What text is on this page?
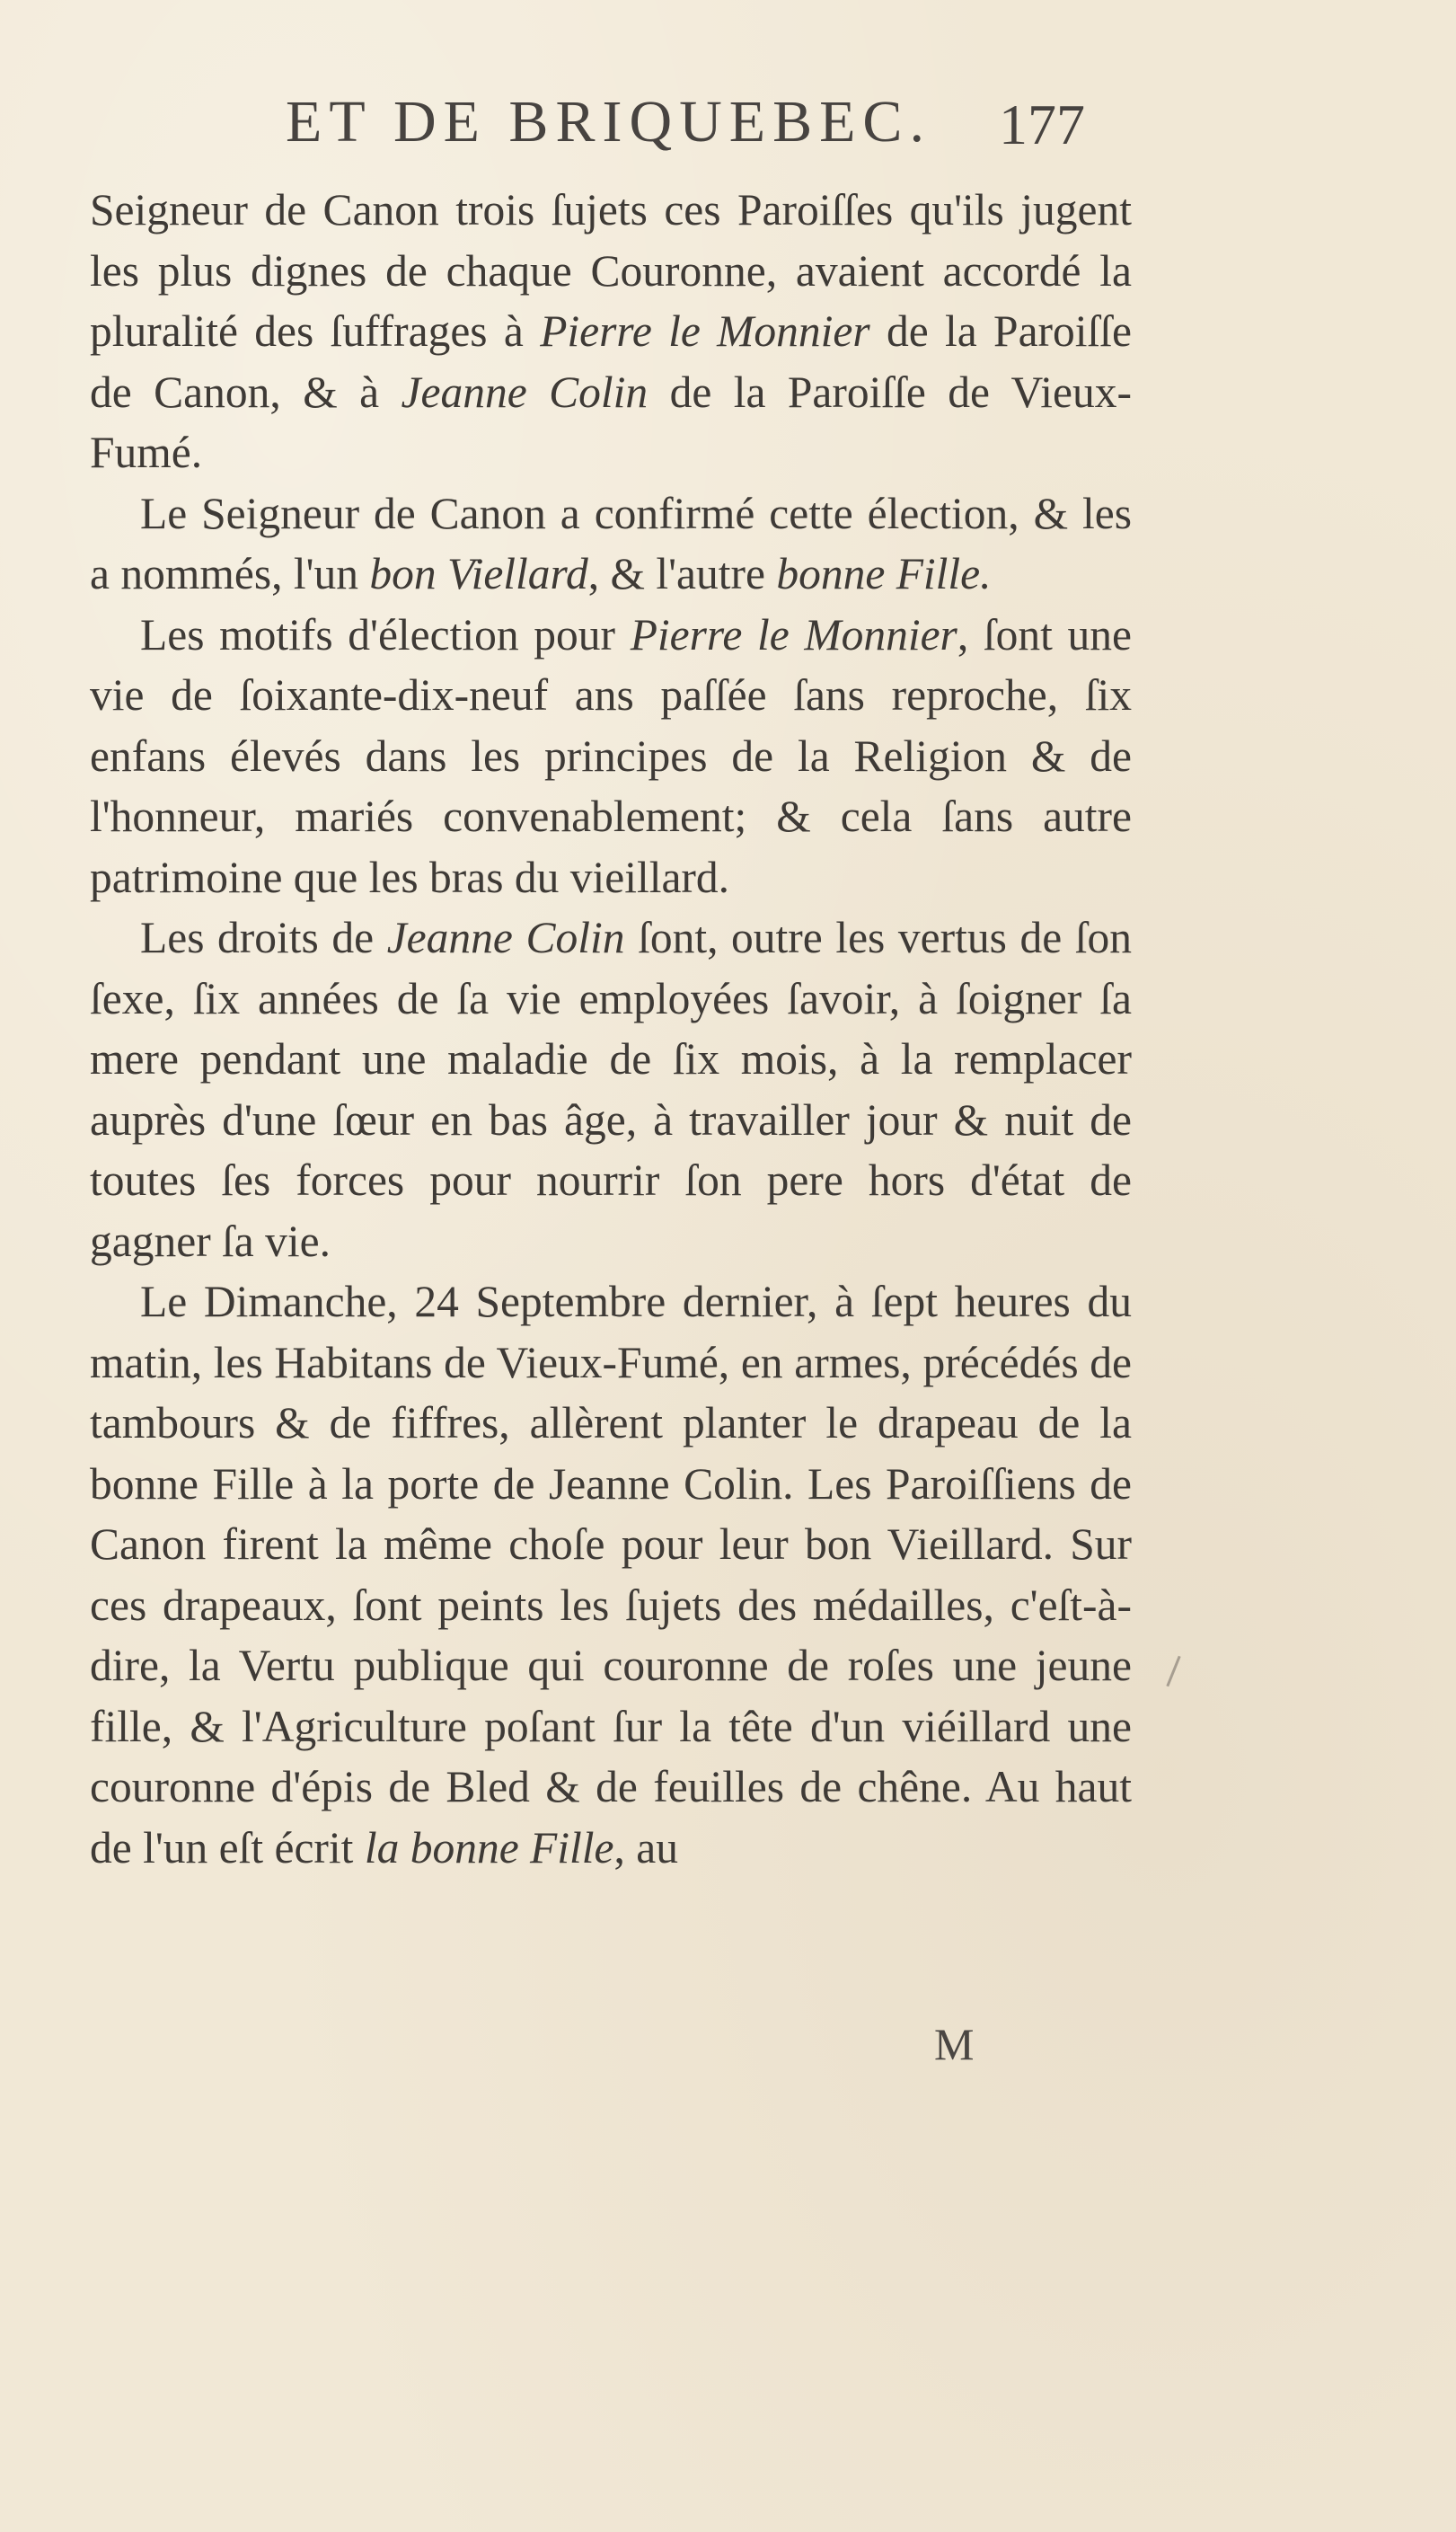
ET DE BRIQUEBEC. 177

Seigneur de Canon trois ſujets ces Paroiſſes qu'ils jugent les plus dignes de chaque Couronne, avaient accordé la pluralité des ſuffrages à Pierre le Monnier de la Paroiſſe de Canon, & à Jeanne Colin de la Paroiſſe de Vieux-Fumé.

Le Seigneur de Canon a confirmé cette élection, & les a nommés, l'un bon Viellard, & l'autre bonne Fille.

Les motifs d'élection pour Pierre le Monnier, ſont une vie de ſoixante-dix-neuf ans paſſée ſans reproche, ſix enfans élevés dans les principes de la Religion & de l'honneur, mariés convenablement; & cela ſans autre patrimoine que les bras du vieillard.

Les droits de Jeanne Colin ſont, outre les vertus de ſon ſexe, ſix années de ſa vie employées ſavoir, à ſoigner ſa mere pendant une maladie de ſix mois, à la remplacer auprès d'une ſœur en bas âge, à travailler jour & nuit de toutes ſes forces pour nourrir ſon pere hors d'état de gagner ſa vie.

Le Dimanche, 24 Septembre dernier, à ſept heures du matin, les Habitans de Vieux-Fumé, en armes, précédés de tambours & de fiffres, allèrent planter le drapeau de la bonne Fille à la porte de Jeanne Colin. Les Paroiſſiens de Canon firent la même choſe pour leur bon Vieillard. Sur ces drapeaux, ſont peints les ſujets des médailles, c'eſt-à-dire, la Vertu publique qui couronne de roſes une jeune fille, & l'Agriculture poſant ſur la tête d'un viéillard une couronne d'épis de Bled & de feuilles de chêne. Au haut de l'un eſt écrit la bonne Fille, au

M
